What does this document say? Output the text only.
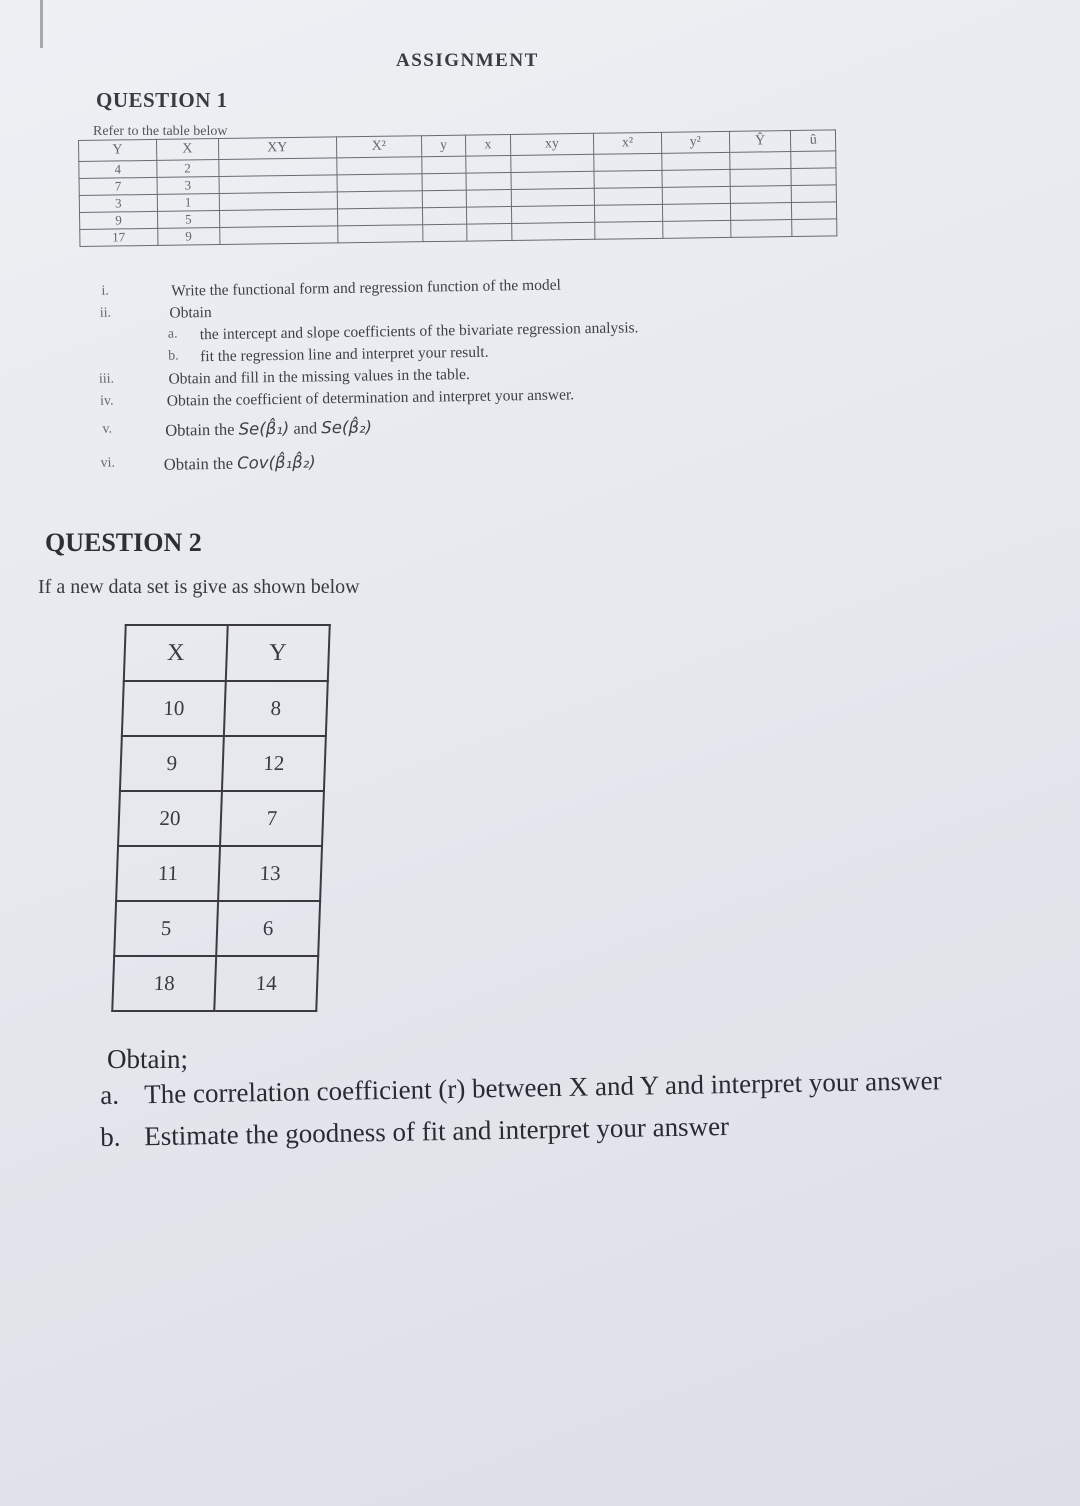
ASSIGNMENT
QUESTION 1
Refer to the table below
Y	X	XY	X²	y	x	xy	x²	y²	Ŷ	û
4	2									
7	3									
3	1									
9	5									
17	9									
i.	Write the functional form and regression function of the model
ii.	Obtain
a. the intercept and slope coefficients of the bivariate regression analysis.
b. fit the regression line and interpret your result.
iii.	Obtain and fill in the missing values in the table.
iv.	Obtain the coefficient of determination and interpret your answer.
v.	Obtain the Se(β̂₁) and Se(β̂₂)
vi.	Obtain the Cov(β̂₁β̂₂)
QUESTION 2
If a new data set is give as shown below
X	Y
10	8
9	12
20	7
11	13
5	6
18	14
Obtain;
a. The correlation coefficient (r) between X and Y and interpret your answer
b. Estimate the goodness of fit and interpret your answer
